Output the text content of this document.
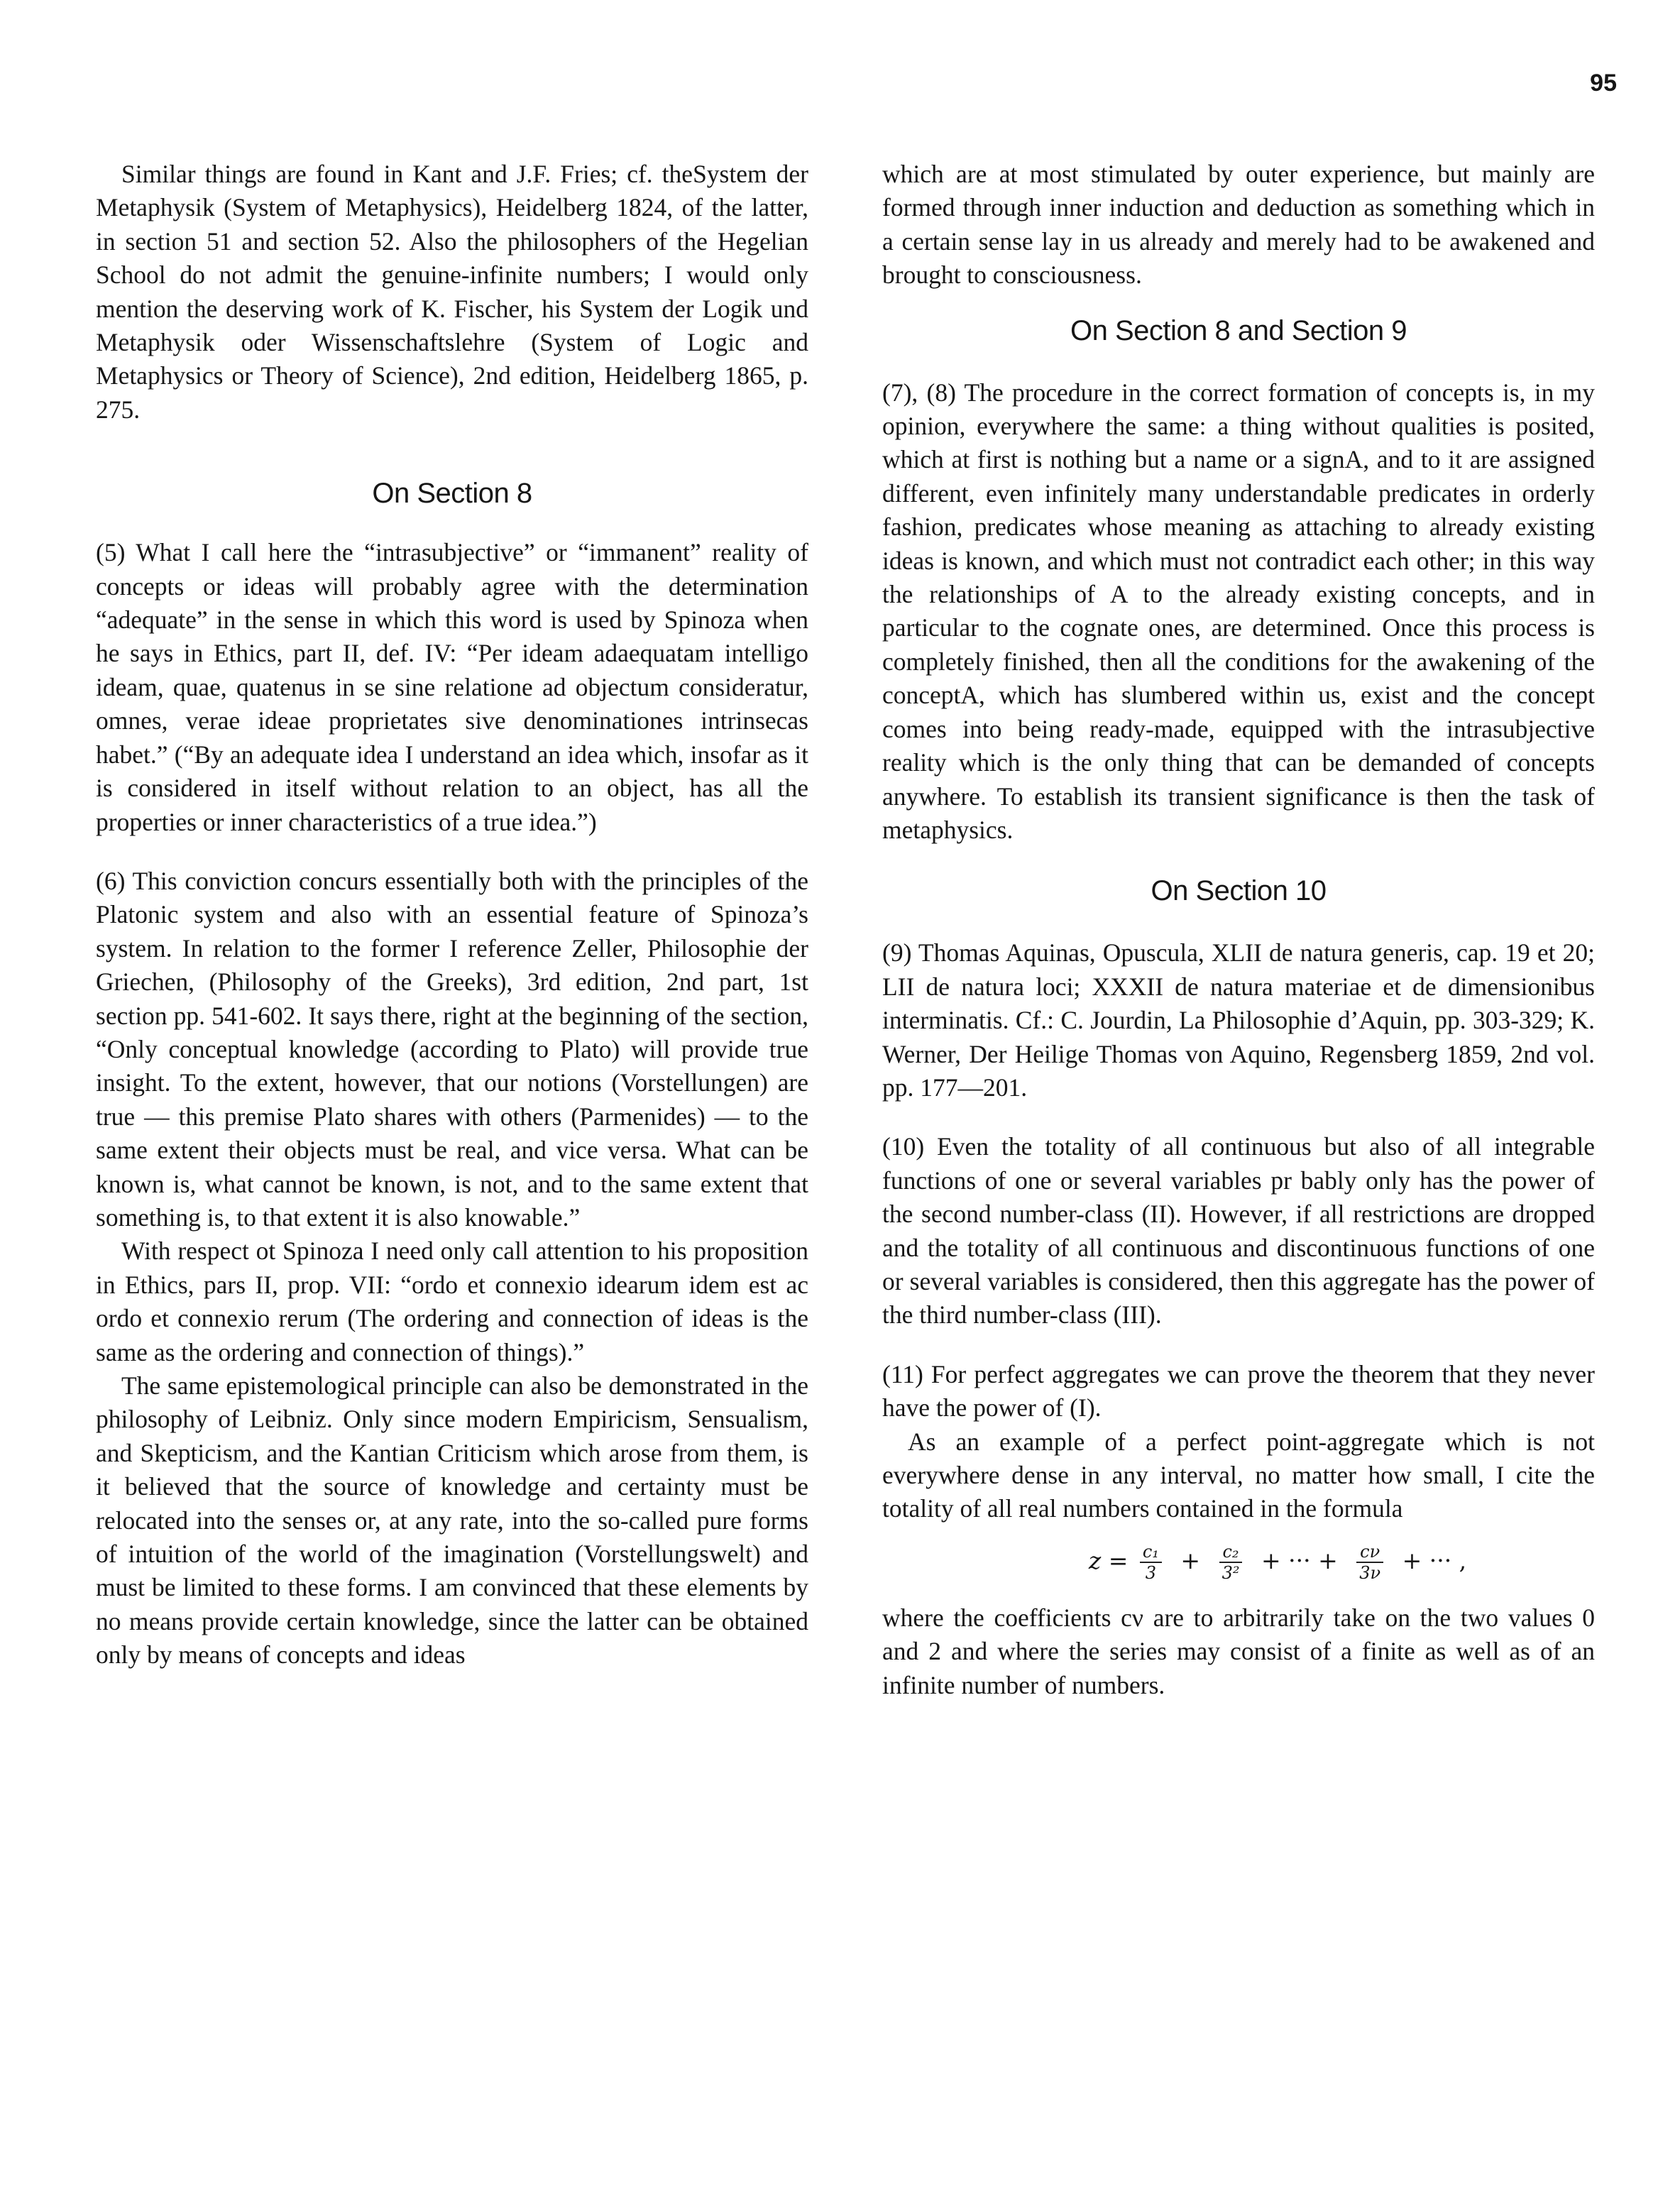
95

Similar things are found in Kant and J.F. Fries; cf. theSystem der Metaphysik (System of Metaphysics), Heidelberg 1824, of the latter, in section 51 and section 52. Also the philosophers of the Hegelian School do not admit the genuine-infinite numbers; I would only mention the deserving work of K. Fischer, his System der Logik und Metaphysik oder Wissenschaftslehre (System of Logic and Metaphysics or Theory of Science), 2nd edition, Heidelberg 1865, p. 275.

On Section 8

(5) What I call here the “intrasubjective” or “immanent” reality of concepts or ideas will probably agree with the determination “adequate” in the sense in which this word is used by Spinoza when he says in Ethics, part II, def. IV: “Per ideam adaequatam intelligo ideam, quae, quatenus in se sine relatione ad objectum consideratur, omnes, verae ideae proprietates sive denominationes intrinsecas habet.” (“By an adequate idea I understand an idea which, insofar as it is considered in itself without relation to an object, has all the properties or inner characteristics of a true idea.”)

(6) This conviction concurs essentially both with the principles of the Platonic system and also with an essential feature of Spinoza’s system. In relation to the former I reference Zeller, Philosophie der Griechen, (Philosophy of the Greeks), 3rd edition, 2nd part, 1st section pp. 541-602. It says there, right at the beginning of the section, “Only conceptual knowledge (according to Plato) will provide true insight. To the extent, however, that our notions (Vorstellungen) are true — this premise Plato shares with others (Parmenides) — to the same extent their objects must be real, and vice versa. What can be known is, what cannot be known, is not, and to the same extent that something is, to that extent it is also knowable.”

With respect ot Spinoza I need only call attention to his proposition in Ethics, pars II, prop. VII: “ordo et connexio idearum idem est ac ordo et connexio rerum (The ordering and connection of ideas is the same as the ordering and connection of things).”

The same epistemological principle can also be demonstrated in the philosophy of Leibniz. Only since modern Empiricism, Sensualism, and Skepticism, and the Kantian Criticism which arose from them, is it believed that the source of knowledge and certainty must be relocated into the senses or, at any rate, into the so-called pure forms of intuition of the world of the imagination (Vorstellungswelt) and must be limited to these forms. I am convinced that these elements by no means provide certain knowledge, since the latter can be obtained only by means of concepts and ideas

which are at most stimulated by outer experience, but mainly are formed through inner induction and deduction as something which in a certain sense lay in us already and merely had to be awakened and brought to consciousness.

On Section 8 and Section 9

(7), (8) The procedure in the correct formation of concepts is, in my opinion, everywhere the same: a thing without qualities is posited, which at first is nothing but a name or a signA, and to it are assigned different, even infinitely many understandable predicates in orderly fashion, predicates whose meaning as attaching to already existing ideas is known, and which must not contradict each other; in this way the relationships of A to the already existing concepts, and in particular to the cognate ones, are determined. Once this process is completely finished, then all the conditions for the awakening of the conceptA, which has slumbered within us, exist and the concept comes into being ready-made, equipped with the intrasubjective reality which is the only thing that can be demanded of concepts anywhere. To establish its transient significance is then the task of metaphysics.

On Section 10

(9) Thomas Aquinas, Opuscula, XLII de natura generis, cap. 19 et 20; LII de natura loci; XXXII de natura materiae et de dimensionibus interminatis. Cf.: C. Jourdin, La Philosophie d’Aquin, pp. 303-329; K. Werner, Der Heilige Thomas von Aquino, Regensberg 1859, 2nd vol. pp. 177—201.

(10) Even the totality of all continuous but also of all integrable functions of one or several variables pr bably only has the power of the second number-class (II). However, if all restrictions are dropped and the totality of all continuous and discontinuous functions of one or several variables is considered, then this aggregate has the power of the third number-class (III).

(11) For perfect aggregates we can prove the theorem that they never have the power of (I).

As an example of a perfect point-aggregate which is not everywhere dense in any interval, no matter how small, I cite the totality of all real numbers contained in the formula

$z = \frac{\text{c₁}}{3} + \frac{\text{c₂}}{\text{3²}}$ + ··· + $\frac{c\nu}{3\nu}$ + ··· ,

where the coefficients cν are to arbitrarily take on the two values 0 and 2 and where the series may consist of a finite as well as of an infinite number of numbers.
